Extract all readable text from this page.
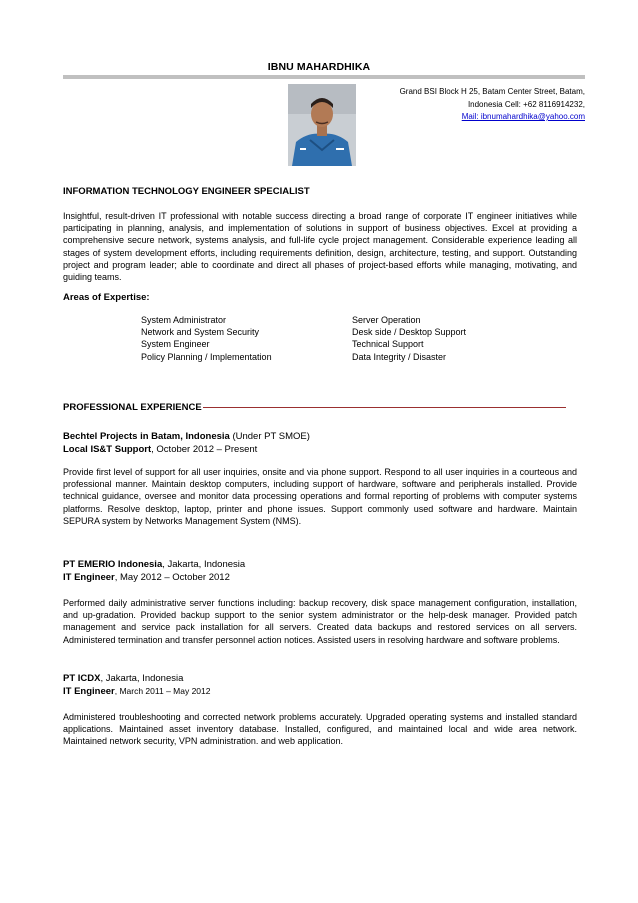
IBNU MAHARDHIKA
Grand BSI Block H 25, Batam Center Street, Batam,
Indonesia Cell: +62 8116914232,
Mail: ibnumahardhika@yahoo.com
INFORMATION TECHNOLOGY ENGINEER SPECIALIST
Insightful, result-driven IT professional with notable success directing a broad range of corporate IT engineer initiatives while participating in planning, analysis, and implementation of solutions in support of business objectives. Excel at providing a comprehensive secure network, systems analysis, and full-life cycle project management. Considerable experience leading all stages of system development efforts, including requirements definition, design, architecture, testing, and support. Outstanding project and program leader; able to coordinate and direct all phases of project-based efforts while managing, motivating, and guiding teams.
Areas of Expertise:
System Administrator
Network and System Security
System Engineer
Policy Planning / Implementation
Server Operation
Desk side / Desktop Support
Technical Support
Data Integrity / Disaster
PROFESSIONAL EXPERIENCE
Bechtel Projects in Batam, Indonesia (Under PT SMOE)
Local IS&T Support, October 2012 – Present
Provide first level of support for all user inquiries, onsite and via phone support. Respond to all user inquiries in a courteous and professional manner. Maintain desktop computers, including support of hardware, software and peripherals installed. Provide technical guidance, oversee and monitor data processing operations and formal reporting of problems with computer systems platforms. Resolve desktop, laptop, printer and phone issues. Support commonly used software and hardware. Maintain SEPURA system by Networks Management System (NMS).
PT EMERIO Indonesia, Jakarta, Indonesia
IT Engineer, May 2012 – October 2012
Performed daily administrative server functions including: backup recovery, disk space management configuration, installation, and up-gradation. Provided backup support to the senior system administrator or the help-desk manager. Provided patch management and service pack installation for all servers. Created data backups and restored services on all servers. Administered termination and transfer personnel action notices. Assisted users in resolving hardware and software problems.
PT ICDX, Jakarta, Indonesia
IT Engineer, March 2011 – May 2012
Administered troubleshooting and corrected network problems accurately. Upgraded operating systems and installed standard applications. Maintained asset inventory database. Installed, configured, and maintained local and wide area network. Maintained network security, VPN administration. and web application.
